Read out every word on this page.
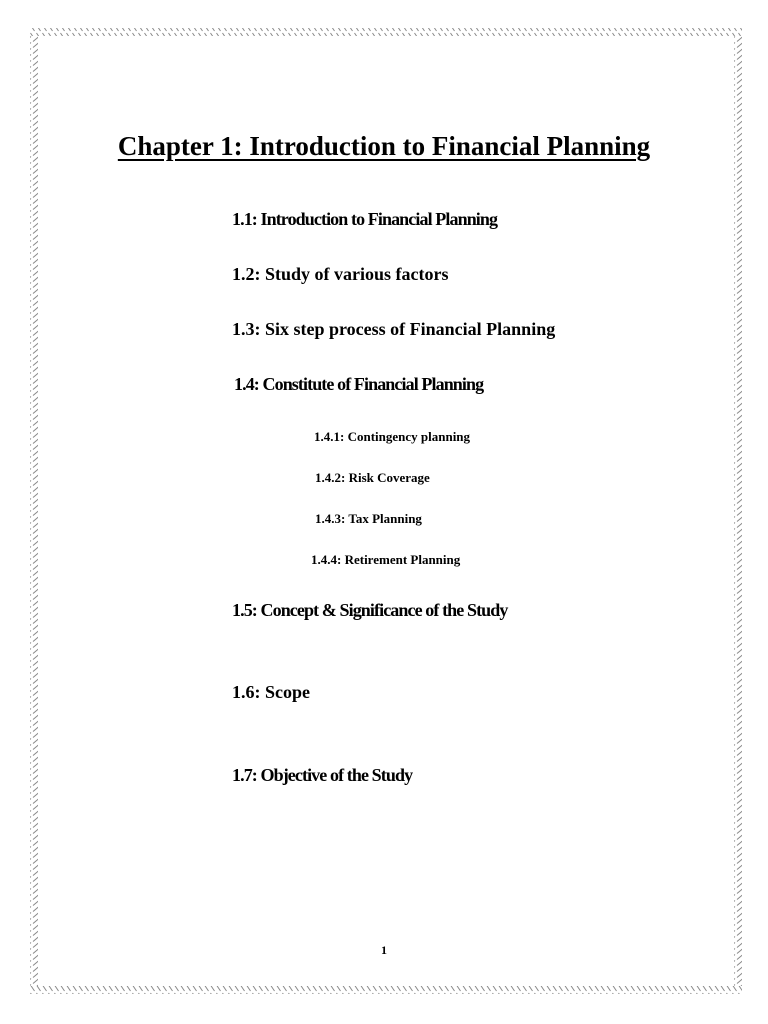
Chapter 1: Introduction to Financial Planning
1.1: Introduction to Financial Planning
1.2: Study of various factors
1.3: Six step process of Financial Planning
1.4: Constitute of Financial Planning
1.4.1: Contingency planning
1.4.2: Risk Coverage
1.4.3: Tax Planning
1.4.4: Retirement Planning
1.5: Concept & Significance of the Study
1.6: Scope
1.7: Objective of the Study
1
